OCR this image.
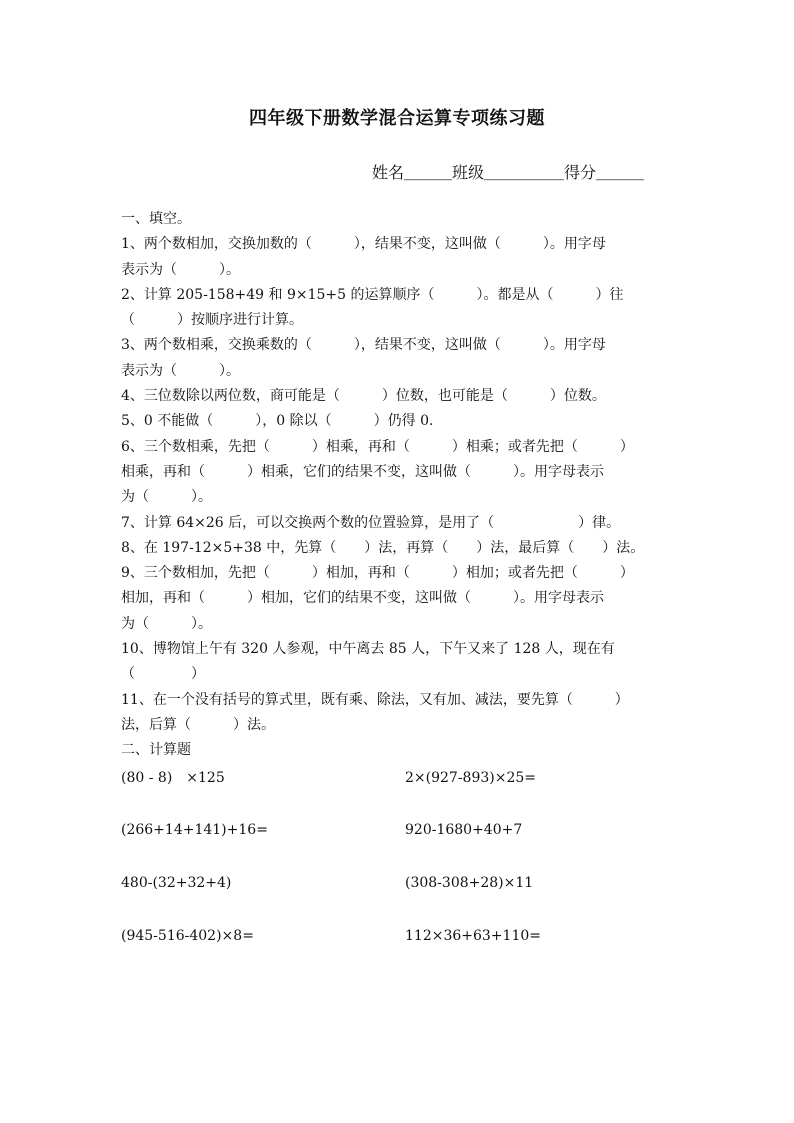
四年级下册数学混合运算专项练习题
姓名＿＿＿班级＿＿＿＿＿得分＿＿＿
一、填空。
1、两个数相加，交换加数的（　　　），结果不变，这叫做（　　　）。用字母
表示为（　　　）。
2、计算 205-158+49 和 9×15+5 的运算顺序（　　　）。都是从（　　　）往
（　　　）按顺序进行计算。
3、两个数相乘，交换乘数的（　　　），结果不变，这叫做（　　　）。用字母
表示为（　　　）。
4、三位数除以两位数，商可能是（　　　）位数，也可能是（　　　）位数。
5、0 不能做（　　　），0 除以（　　　）仍得 0.
6、三个数相乘，先把（　　　）相乘，再和（　　　）相乘；或者先把（　　　）
相乘，再和（　　　）相乘，它们的结果不变，这叫做（　　　）。用字母表示
为（　　　）。
7、计算 64×26 后，可以交换两个数的位置验算，是用了（　　　　　　）律。
8、在 197-12×5+38 中，先算（　　）法，再算（　　）法，最后算（　　）法。
9、三个数相加，先把（　　　）相加，再和（　　　）相加；或者先把（　　　）
相加，再和（　　　）相加，它们的结果不变，这叫做（　　　）。用字母表示
为（　　　）。
10、博物馆上午有 320 人参观，中午离去 85 人，下午又来了 128 人，现在有
（　　　　）
11、在一个没有括号的算式里，既有乘、除法，又有加、减法，要先算（　　　）
法，后算（　　　）法。
二、计算题
(80 - 8)　×125	2×(927-893)×25=
(266+14+141)+16=	920-1680+40+7
480-(32+32+4)	(308-308+28)×11
(945-516-402)×8=	112×36+63+110=
